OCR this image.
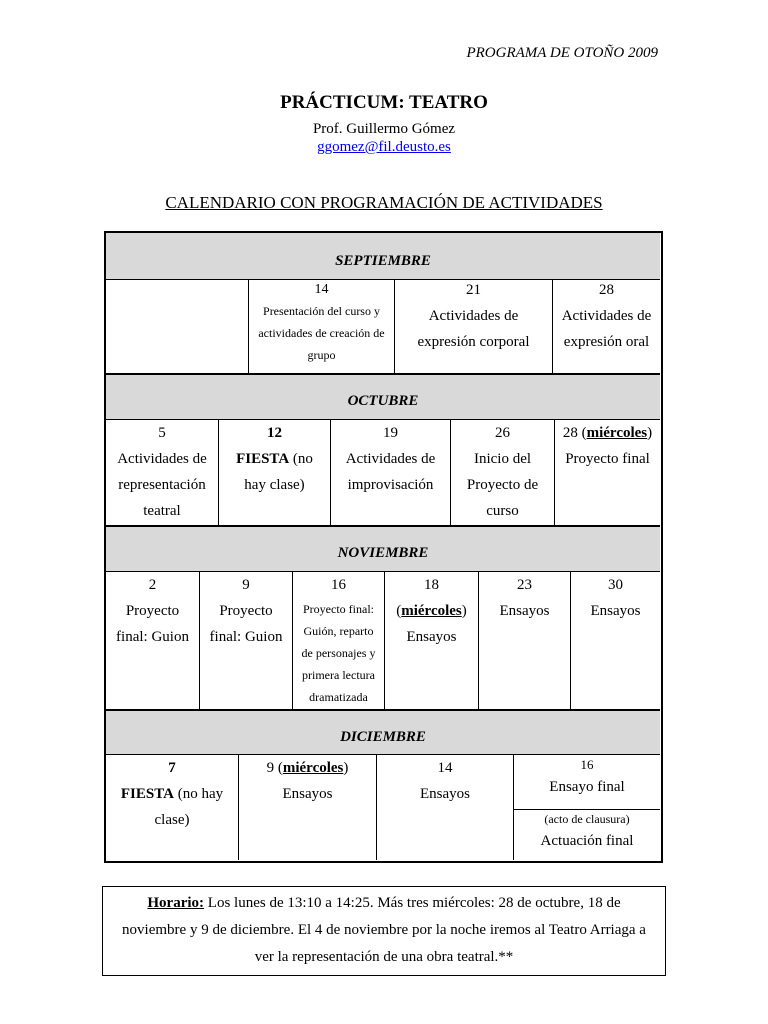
PROGRAMA DE OTOÑO 2009
PRÁCTICUM: TEATRO
Prof. Guillermo Gómez
ggomez@fil.deusto.es
CALENDARIO CON PROGRAMACIÓN DE ACTIVIDADES
SEPTIEMBRE
14
Presentación del curso y
actividades de creación de
grupo
21
Actividades de
expresión corporal
28
Actividades de
expresión oral
OCTUBRE
5
Actividades de
representación
teatral
12
FIESTA (no
hay clase)
19
Actividades de
improvisación
26
Inicio del
Proyecto de
curso
28 (miércoles)
Proyecto final
NOVIEMBRE
2
Proyecto
final: Guion
9
Proyecto
final: Guion
16
Proyecto final:
Guión, reparto
de personajes y
primera lectura
dramatizada
18
(miércoles)
Ensayos
23
Ensayos
30
Ensayos
DICIEMBRE
7
FIESTA (no hay
clase)
9 (miércoles)
Ensayos
14
Ensayos
16
Ensayo final
(acto de clausura)
Actuación final
Horario: Los lunes de 13:10 a 14:25. Más tres miércoles: 28 de octubre, 18 de
noviembre y 9 de diciembre. El 4 de noviembre por la noche iremos al Teatro Arriaga a
ver la representación de una obra teatral.**
